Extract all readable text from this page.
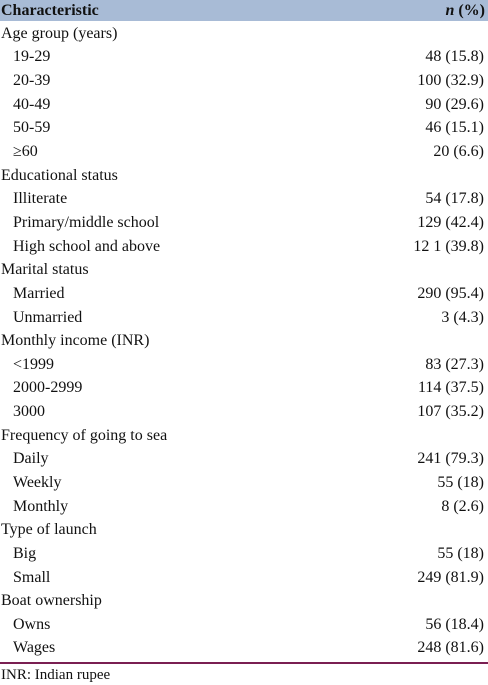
Characteristic	n (%)
Age group (years)
19-29	48 (15.8)
20-39	100 (32.9)
40-49	90 (29.6)
50-59	46 (15.1)
≥60	20 (6.6)
Educational status
Illiterate	54 (17.8)
Primary/middle school	129 (42.4)
High school and above	12 1 (39.8)
Marital status
Married	290 (95.4)
Unmarried	3 (4.3)
Monthly income (INR)
<1999	83 (27.3)
2000-2999	114 (37.5)
3000	107 (35.2)
Frequency of going to sea
Daily	241 (79.3)
Weekly	55 (18)
Monthly	8 (2.6)
Type of launch
Big	55 (18)
Small	249 (81.9)
Boat ownership
Owns	56 (18.4)
Wages	248 (81.6)
INR: Indian rupee
